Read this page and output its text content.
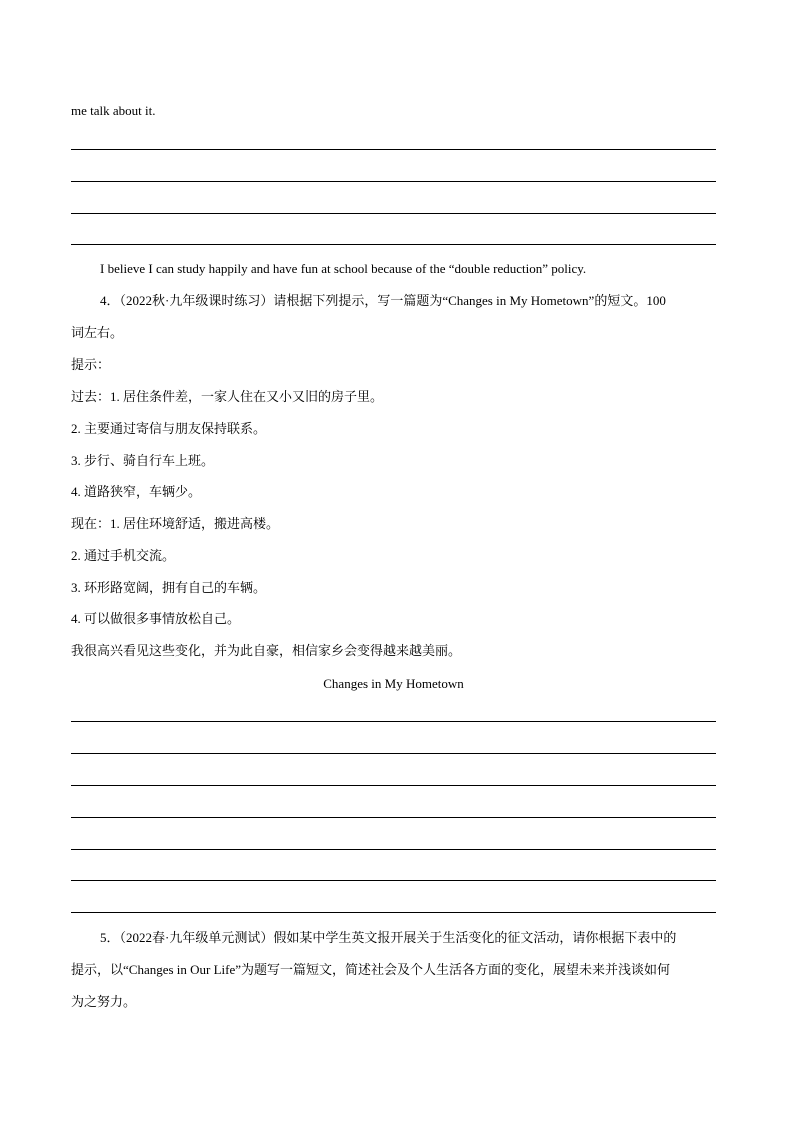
me talk about it.
I believe I can study happily and have fun at school because of the “double reduction” policy.
4．（2022秋·九年级课时练习）请根据下列提示，写一篇题为“Changes in My Hometown”的短文。100
词左右。
提示：
过去：1. 居住条件差，一家人住在又小又旧的房子里。
2. 主要通过寄信与朋友保持联系。
3. 步行、骑自行车上班。
4. 道路狭窄，车辆少。
现在：1. 居住环境舒适，搬进高楼。
2. 通过手机交流。
3. 环形路宽阔，拥有自己的车辆。
4. 可以做很多事情放松自己。
我很高兴看见这些变化，并为此自豪，相信家乡会变得越来越美丽。
Changes in My Hometown
5．（2022春·九年级单元测试）假如某中学生英文报开展关于生活变化的征文活动，请你根据下表中的
提示，以“Changes in Our Life”为题写一篇短文，简述社会及个人生活各方面的变化，展望未来并浅谈如何
为之努力。
